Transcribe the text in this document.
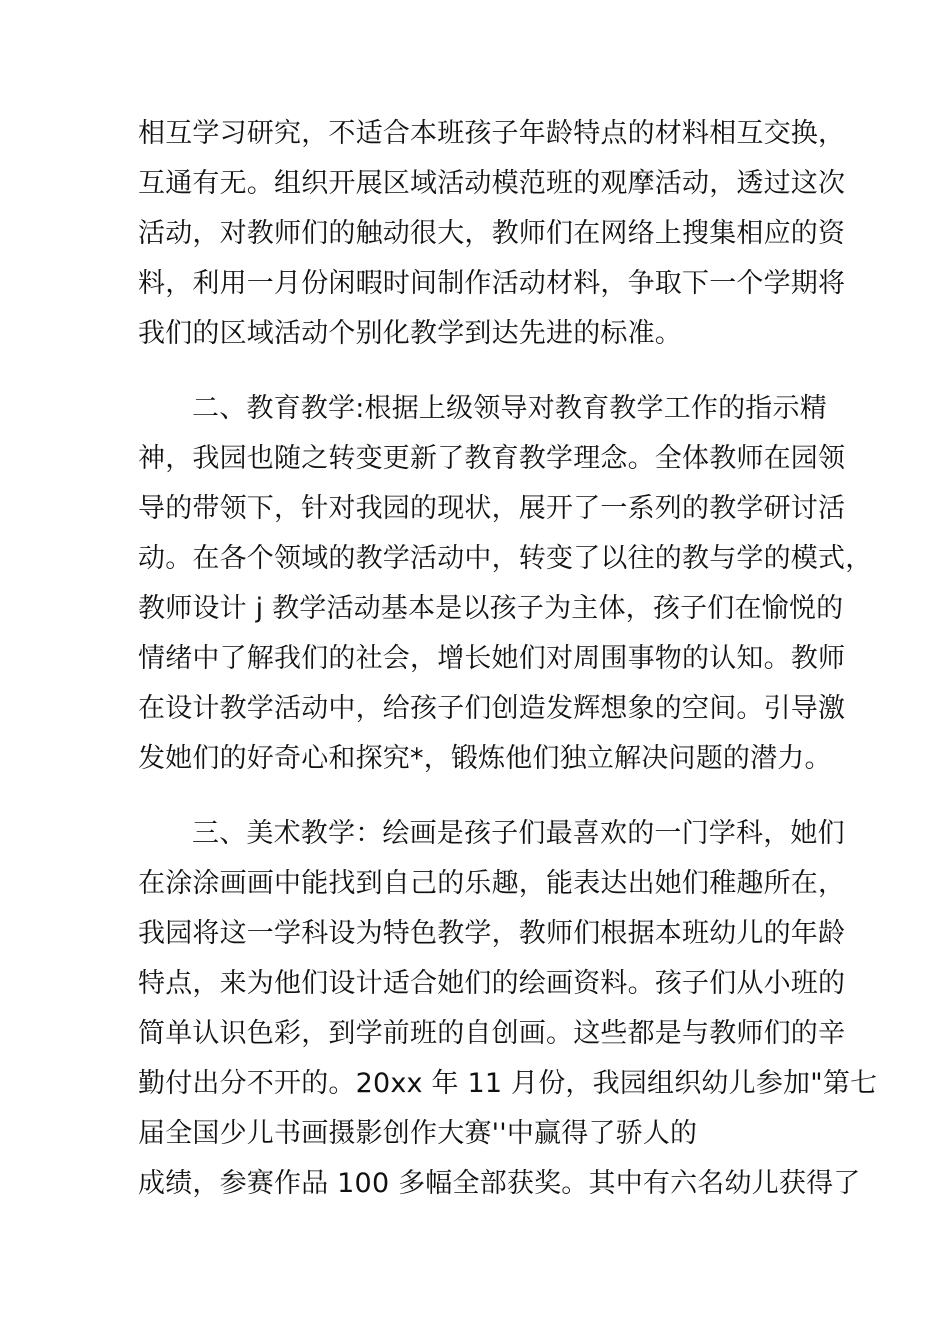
相互学习研究，不适合本班孩子年龄特点的材料相互交换，
互通有无。组织开展区域活动模范班的观摩活动，透过这次
活动，对教师们的触动很大，教师们在网络上搜集相应的资
料，利用一月份闲暇时间制作活动材料，争取下一个学期将
我们的区域活动个别化教学到达先进的标准。
二、教育教学:根据上级领导对教育教学工作的指示精
神，我园也随之转变更新了教育教学理念。全体教师在园领
导的带领下，针对我园的现状，展开了一系列的教学研讨活
动。在各个领域的教学活动中，转变了以往的教与学的模式，
教师设计 j 教学活动基本是以孩子为主体，孩子们在愉悦的
情绪中了解我们的社会，增长她们对周围事物的认知。教师
在设计教学活动中，给孩子们创造发辉想象的空间。引导激
发她们的好奇心和探究*，锻炼他们独立解决问题的潜力。
三、美术教学：绘画是孩子们最喜欢的一门学科，她们
在涂涂画画中能找到自己的乐趣，能表达出她们稚趣所在，
我园将这一学科设为特色教学，教师们根据本班幼儿的年龄
特点，来为他们设计适合她们的绘画资料。孩子们从小班的
简单认识色彩，到学前班的自创画。这些都是与教师们的辛
勤付出分不开的。20xx 年 11 月份，我园组织幼儿参加"第七
届全国少儿书画摄影创作大赛''中赢得了骄人的
成绩，参赛作品 100 多幅全部获奖。其中有六名幼儿获得了
